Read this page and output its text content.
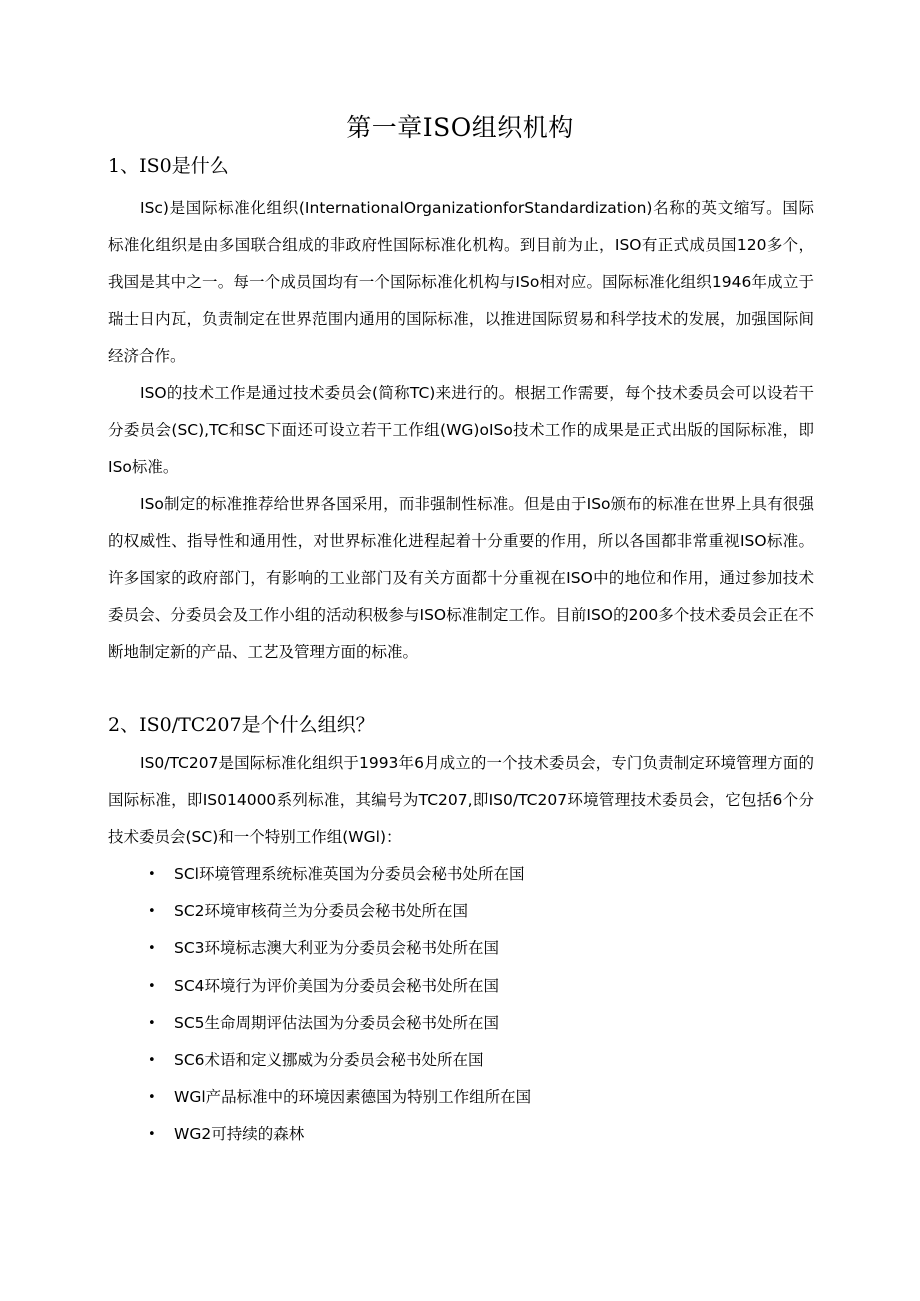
第一章ISO组织机构
1、IS0是什么

ISc)是国际标准化组织(InternationalOrganizationforStandardization)名称的英文缩写。国际标准化组织是由多国联合组成的非政府性国际标准化机构。到目前为止，ISO有正式成员国120多个，我国是其中之一。每一个成员国均有一个国际标准化机构与ISo相对应。国际标准化组织1946年成立于瑞士日内瓦，负责制定在世界范围内通用的国际标准，以推进国际贸易和科学技术的发展，加强国际间经济合作。

ISO的技术工作是通过技术委员会(简称TC)来进行的。根据工作需要，每个技术委员会可以设若干分委员会(SC),TC和SC下面还可设立若干工作组(WG)oISo技术工作的成果是正式出版的国际标准，即ISo标准。

ISo制定的标准推荐给世界各国采用，而非强制性标准。但是由于ISo颁布的标准在世界上具有很强的权威性、指导性和通用性，对世界标准化进程起着十分重要的作用，所以各国都非常重视ISO标准。许多国家的政府部门，有影响的工业部门及有关方面都十分重视在ISO中的地位和作用，通过参加技术委员会、分委员会及工作小组的活动积极参与ISO标准制定工作。目前ISO的200多个技术委员会正在不断地制定新的产品、工艺及管理方面的标准。

2、IS0/TC207是个什么组织？

IS0/TC207是国际标准化组织于1993年6月成立的一个技术委员会，专门负责制定环境管理方面的国际标准，即IS014000系列标准，其编号为TC207,即IS0/TC207环境管理技术委员会，它包括6个分技术委员会(SC)和一个特别工作组(WGl)：

• SCl环境管理系统标准英国为分委员会秘书处所在国
• SC2环境审核荷兰为分委员会秘书处所在国
• SC3环境标志澳大利亚为分委员会秘书处所在国
• SC4环境行为评价美国为分委员会秘书处所在国
• SC5生命周期评估法国为分委员会秘书处所在国
• SC6术语和定义挪威为分委员会秘书处所在国
• WGl产品标准中的环境因素德国为特别工作组所在国
• WG2可持续的森林
